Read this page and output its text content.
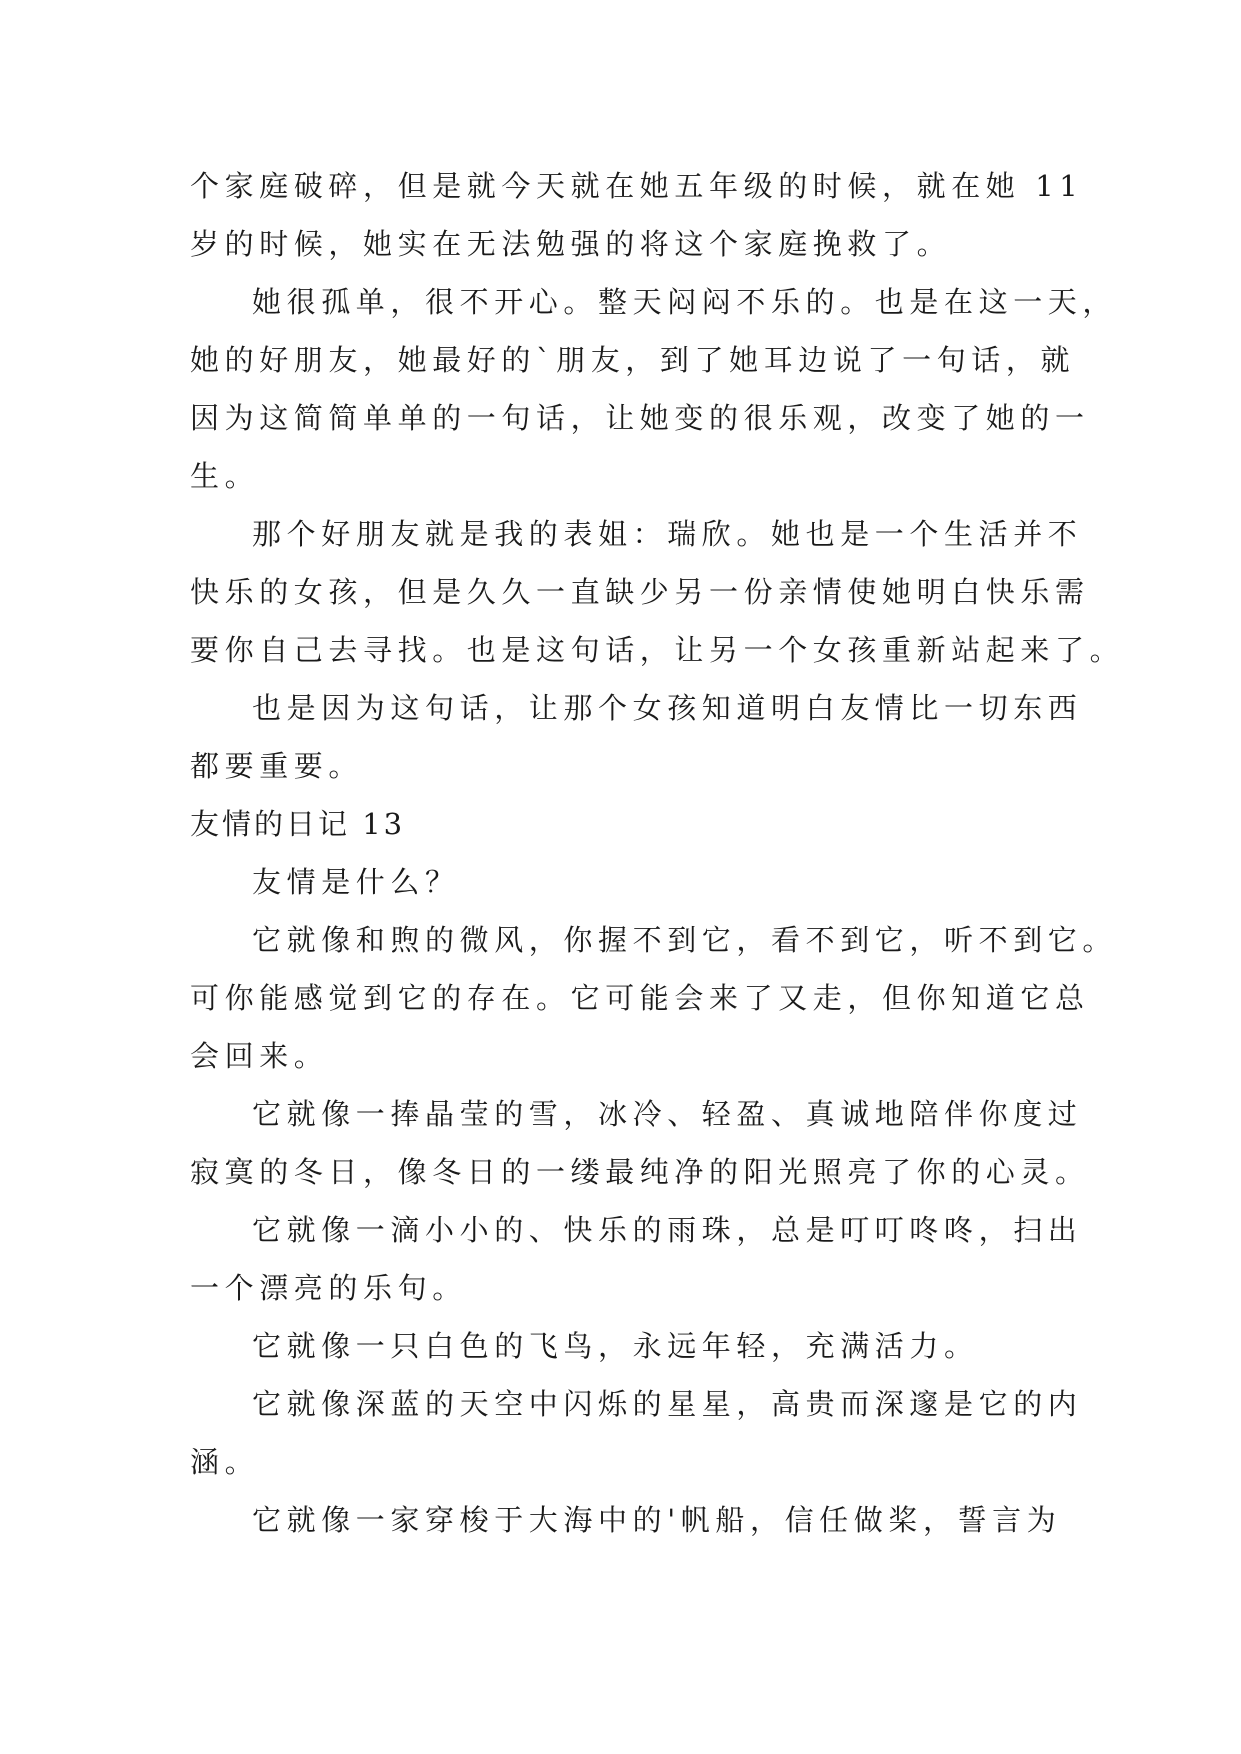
个家庭破碎，但是就今天就在她五年级的时候，就在她 11
岁的时候，她实在无法勉强的将这个家庭挽救了。
她很孤单，很不开心。整天闷闷不乐的。也是在这一天，
她的好朋友，她最好的`朋友，到了她耳边说了一句话，就
因为这简简单单的一句话，让她变的很乐观，改变了她的一
生。
那个好朋友就是我的表姐：瑞欣。她也是一个生活并不
快乐的女孩，但是久久一直缺少另一份亲情使她明白快乐需
要你自己去寻找。也是这句话，让另一个女孩重新站起来了。
也是因为这句话，让那个女孩知道明白友情比一切东西
都要重要。
友情的日记 13
友情是什么？
它就像和煦的微风，你握不到它，看不到它，听不到它。
可你能感觉到它的存在。它可能会来了又走，但你知道它总
会回来。
它就像一捧晶莹的雪，冰冷、轻盈、真诚地陪伴你度过
寂寞的冬日，像冬日的一缕最纯净的阳光照亮了你的心灵。
它就像一滴小小的、快乐的雨珠，总是叮叮咚咚，扫出
一个漂亮的乐句。
它就像一只白色的飞鸟，永远年轻，充满活力。
它就像深蓝的天空中闪烁的星星，高贵而深邃是它的内
涵。
它就像一家穿梭于大海中的'帆船，信任做桨，誓言为
